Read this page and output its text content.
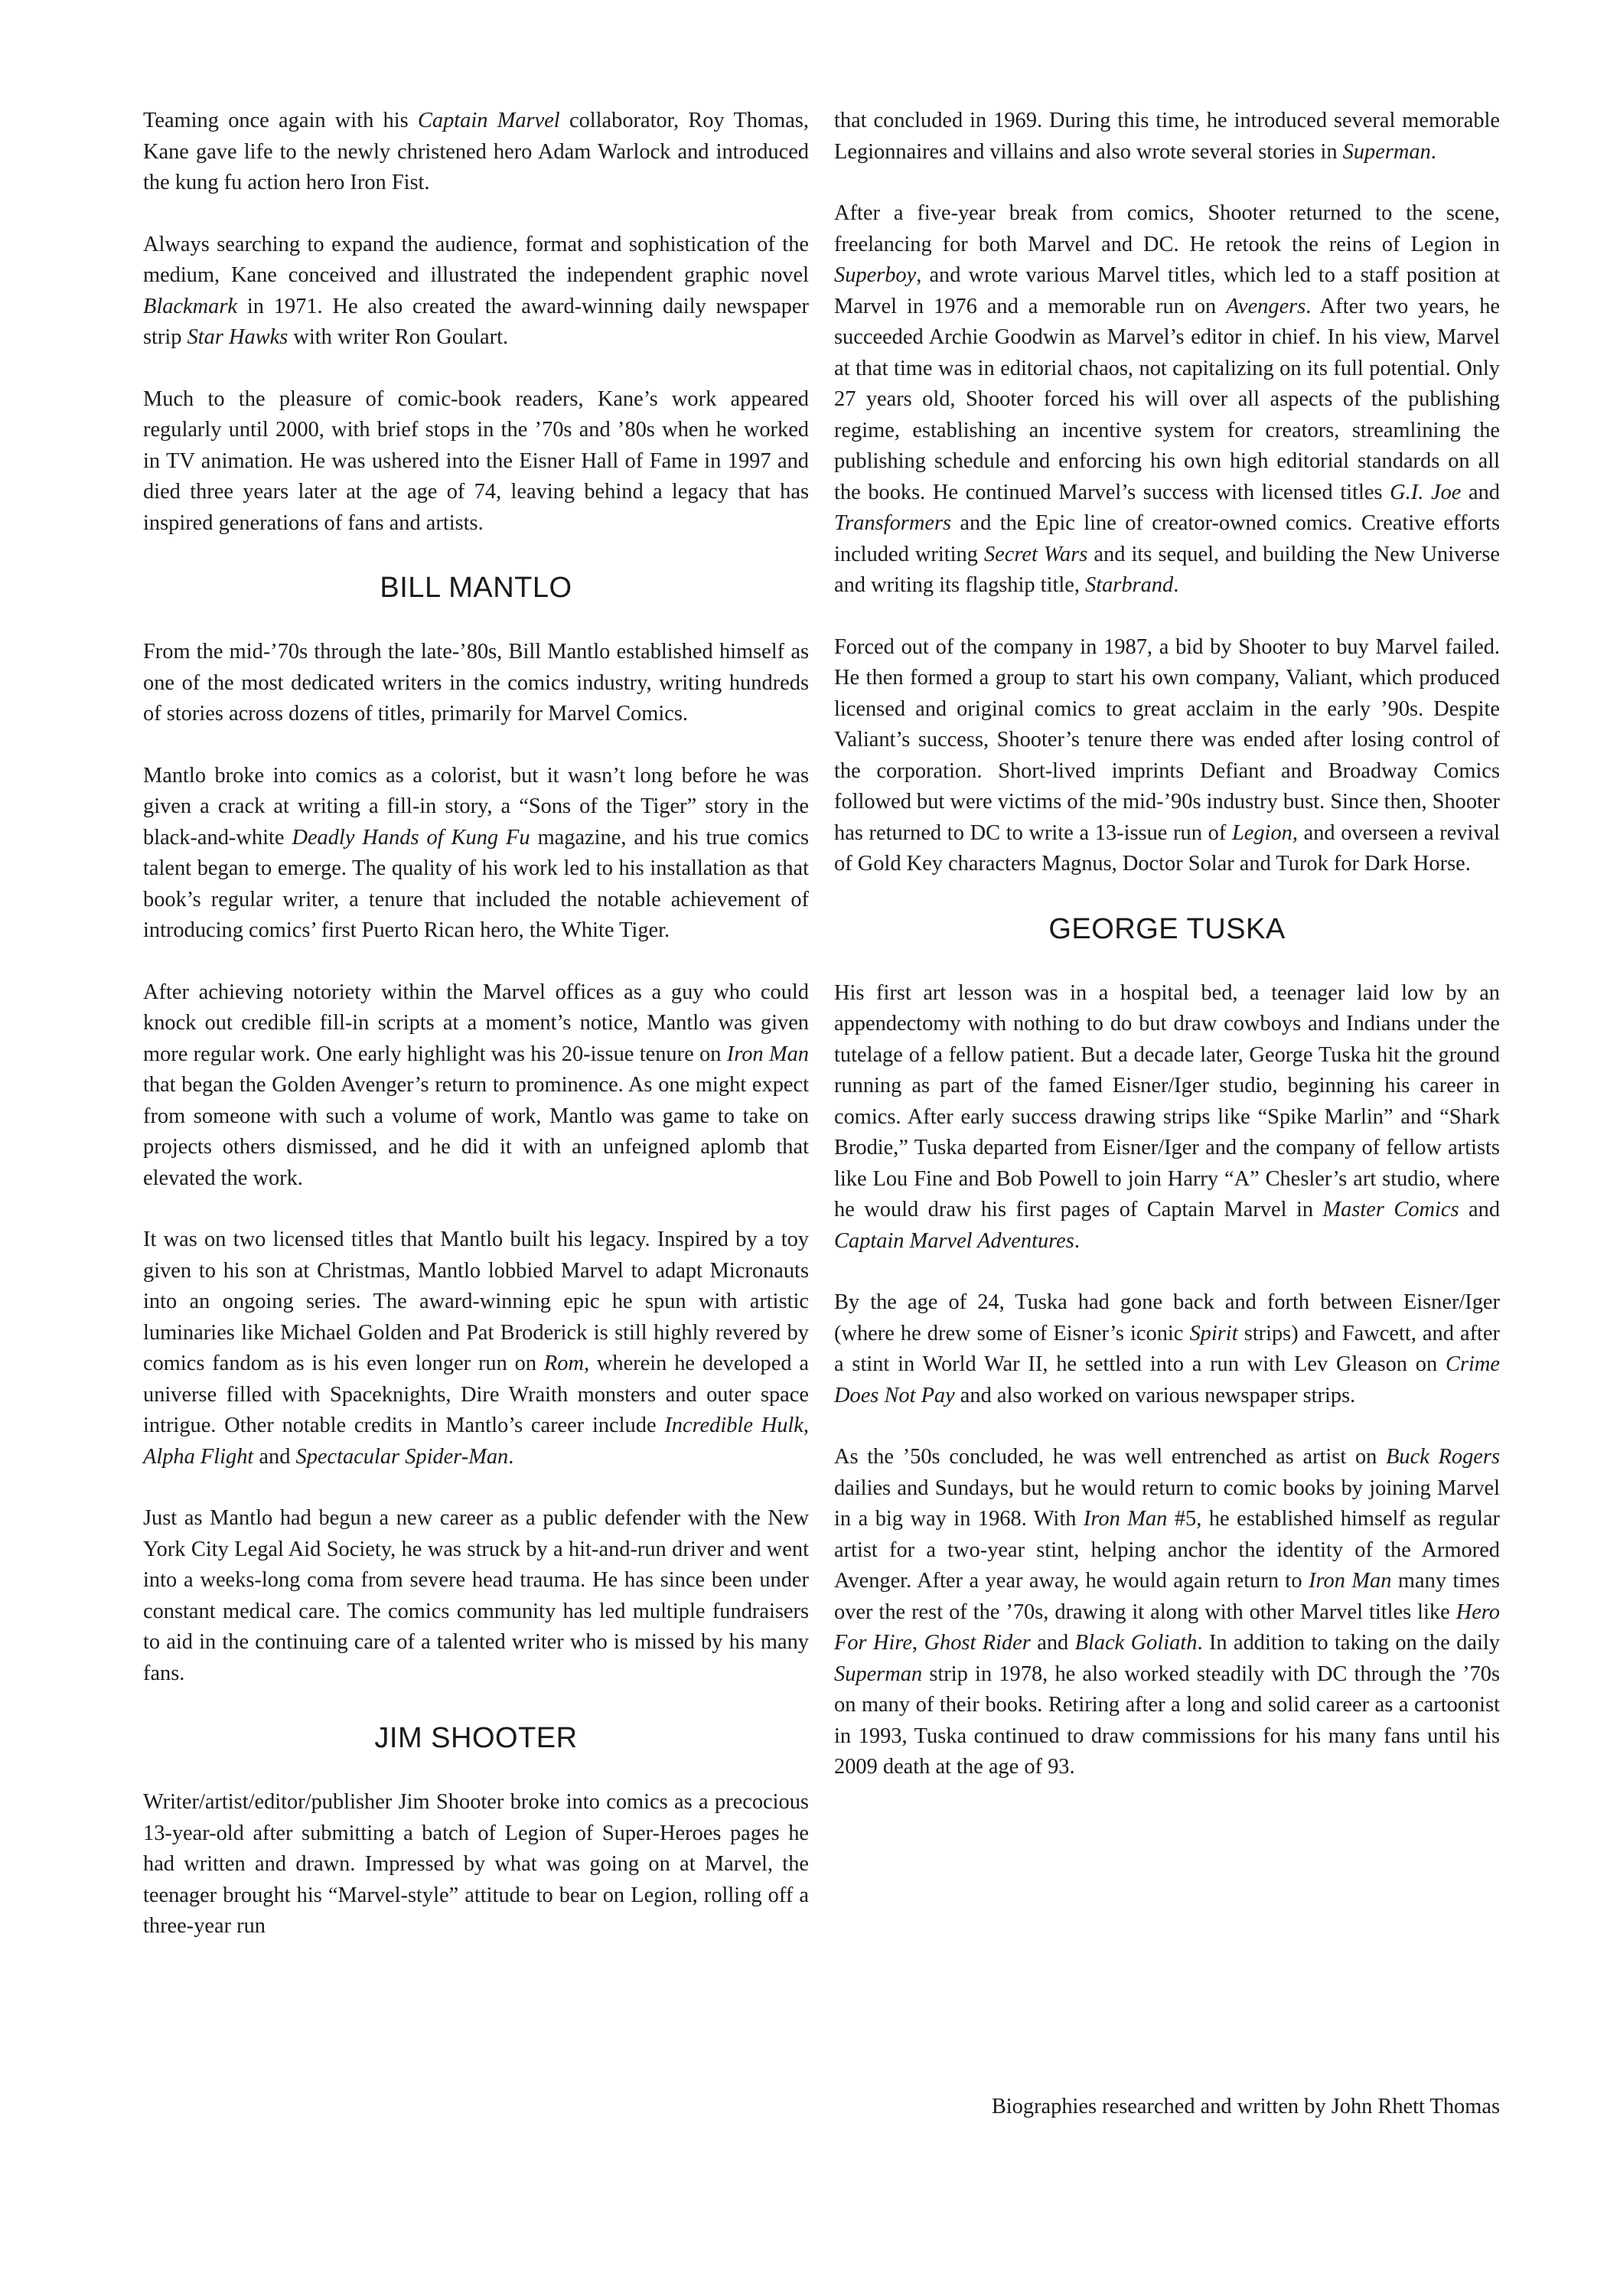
Teaming once again with his Captain Marvel collaborator, Roy Thomas, Kane gave life to the newly christened hero Adam Warlock and introduced the kung fu action hero Iron Fist.

Always searching to expand the audience, format and sophistication of the medium, Kane conceived and illustrated the independent graphic novel Blackmark in 1971. He also created the award-winning daily newspaper strip Star Hawks with writer Ron Goulart.

Much to the pleasure of comic-book readers, Kane’s work appeared regularly until 2000, with brief stops in the ’70s and ’80s when he worked in TV animation. He was ushered into the Eisner Hall of Fame in 1997 and died three years later at the age of 74, leaving behind a legacy that has inspired generations of fans and artists.

BILL MANTLO

From the mid-’70s through the late-’80s, Bill Mantlo established himself as one of the most dedicated writers in the comics industry, writing hundreds of stories across dozens of titles, primarily for Marvel Comics.

Mantlo broke into comics as a colorist, but it wasn’t long before he was given a crack at writing a fill-in story, a “Sons of the Tiger” story in the black-and-white Deadly Hands of Kung Fu magazine, and his true comics talent began to emerge. The quality of his work led to his installation as that book’s regular writer, a tenure that included the notable achievement of introducing comics’ first Puerto Rican hero, the White Tiger.

After achieving notoriety within the Marvel offices as a guy who could knock out credible fill-in scripts at a moment’s notice, Mantlo was given more regular work. One early highlight was his 20-issue tenure on Iron Man that began the Golden Avenger’s return to prominence. As one might expect from someone with such a volume of work, Mantlo was game to take on projects others dismissed, and he did it with an unfeigned aplomb that elevated the work.

It was on two licensed titles that Mantlo built his legacy. Inspired by a toy given to his son at Christmas, Mantlo lobbied Marvel to adapt Micronauts into an ongoing series. The award-winning epic he spun with artistic luminaries like Michael Golden and Pat Broderick is still highly revered by comics fandom as is his even longer run on Rom, wherein he developed a universe filled with Spaceknights, Dire Wraith monsters and outer space intrigue. Other notable credits in Mantlo’s career include Incredible Hulk, Alpha Flight and Spectacular Spider-Man.

Just as Mantlo had begun a new career as a public defender with the New York City Legal Aid Society, he was struck by a hit-and-run driver and went into a weeks-long coma from severe head trauma. He has since been under constant medical care. The comics community has led multiple fundraisers to aid in the continuing care of a talented writer who is missed by his many fans.

JIM SHOOTER

Writer/artist/editor/publisher Jim Shooter broke into comics as a precocious 13-year-old after submitting a batch of Legion of Super-Heroes pages he had written and drawn. Impressed by what was going on at Marvel, the teenager brought his “Marvel-style” attitude to bear on Legion, rolling off a three-year run

that concluded in 1969. During this time, he introduced several memorable Legionnaires and villains and also wrote several stories in Superman.

After a five-year break from comics, Shooter returned to the scene, freelancing for both Marvel and DC. He retook the reins of Legion in Superboy, and wrote various Marvel titles, which led to a staff position at Marvel in 1976 and a memorable run on Avengers. After two years, he succeeded Archie Goodwin as Marvel’s editor in chief. In his view, Marvel at that time was in editorial chaos, not capitalizing on its full potential. Only 27 years old, Shooter forced his will over all aspects of the publishing regime, establishing an incentive system for creators, streamlining the publishing schedule and enforcing his own high editorial standards on all the books. He continued Marvel’s success with licensed titles G.I. Joe and Transformers and the Epic line of creator-owned comics. Creative efforts included writing Secret Wars and its sequel, and building the New Universe and writing its flagship title, Starbrand.

Forced out of the company in 1987, a bid by Shooter to buy Marvel failed. He then formed a group to start his own company, Valiant, which produced licensed and original comics to great acclaim in the early ’90s. Despite Valiant’s success, Shooter’s tenure there was ended after losing control of the corporation. Short-lived imprints Defiant and Broadway Comics followed but were victims of the mid-’90s industry bust. Since then, Shooter has returned to DC to write a 13-issue run of Legion, and overseen a revival of Gold Key characters Magnus, Doctor Solar and Turok for Dark Horse.

GEORGE TUSKA

His first art lesson was in a hospital bed, a teenager laid low by an appendectomy with nothing to do but draw cowboys and Indians under the tutelage of a fellow patient. But a decade later, George Tuska hit the ground running as part of the famed Eisner/Iger studio, beginning his career in comics. After early success drawing strips like “Spike Marlin” and “Shark Brodie,” Tuska departed from Eisner/Iger and the company of fellow artists like Lou Fine and Bob Powell to join Harry “A” Chesler’s art studio, where he would draw his first pages of Captain Marvel in Master Comics and Captain Marvel Adventures.

By the age of 24, Tuska had gone back and forth between Eisner/Iger (where he drew some of Eisner’s iconic Spirit strips) and Fawcett, and after a stint in World War II, he settled into a run with Lev Gleason on Crime Does Not Pay and also worked on various newspaper strips.

As the ’50s concluded, he was well entrenched as artist on Buck Rogers dailies and Sundays, but he would return to comic books by joining Marvel in a big way in 1968. With Iron Man #5, he established himself as regular artist for a two-year stint, helping anchor the identity of the Armored Avenger. After a year away, he would again return to Iron Man many times over the rest of the ’70s, drawing it along with other Marvel titles like Hero For Hire, Ghost Rider and Black Goliath. In addition to taking on the daily Superman strip in 1978, he also worked steadily with DC through the ’70s on many of their books. Retiring after a long and solid career as a cartoonist in 1993, Tuska continued to draw commissions for his many fans until his 2009 death at the age of 93.

Biographies researched and written by John Rhett Thomas
